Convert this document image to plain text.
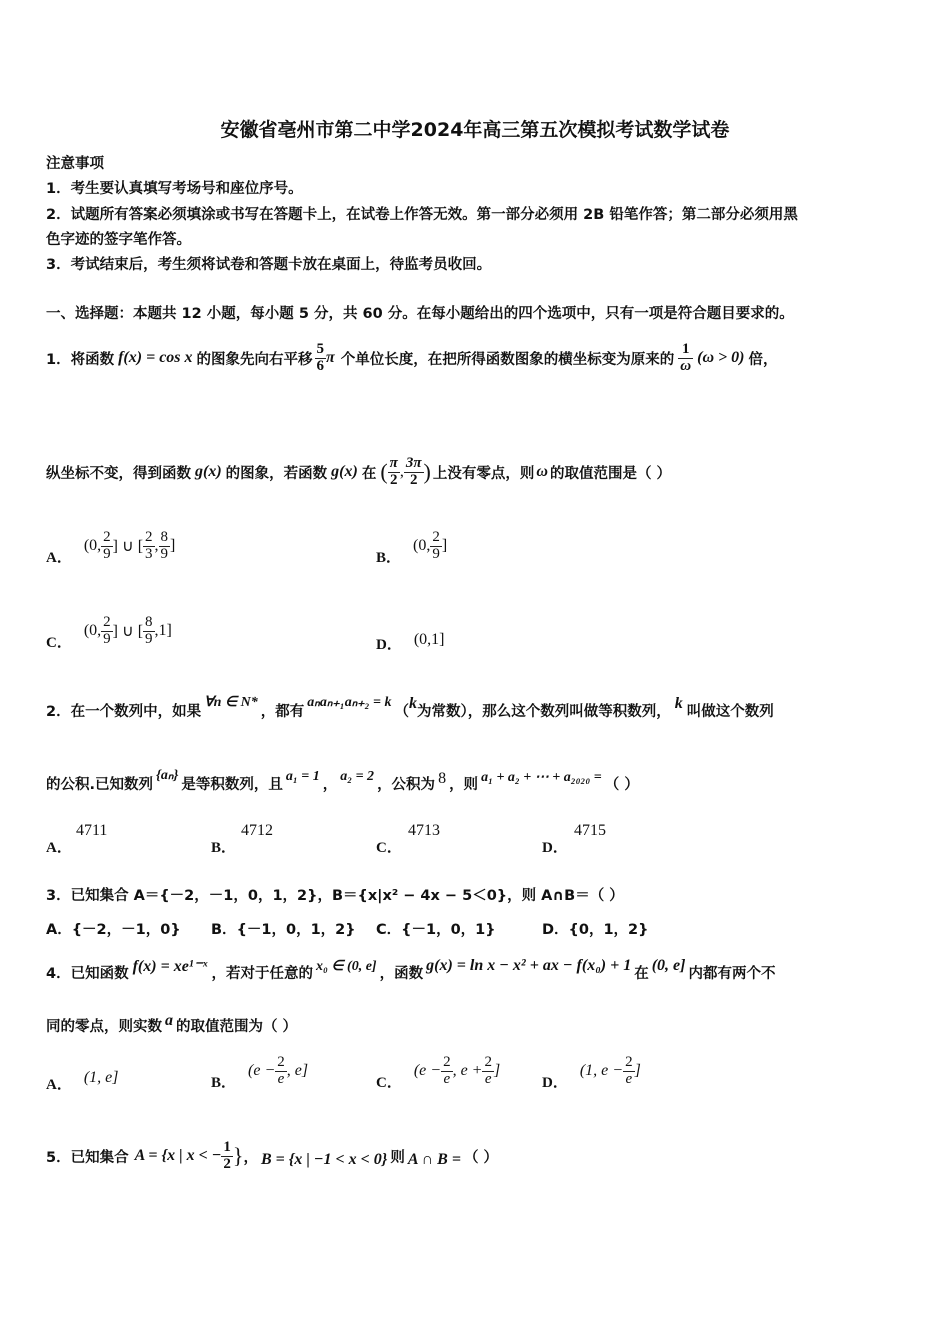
安徽省亳州市第二中学2024年高三第五次模拟考试数学试卷
注意事项
1．考生要认真填写考场号和座位序号。
2．试题所有答案必须填涂或书写在答题卡上，在试卷上作答无效。第一部分必须用 2B 铅笔作答；第二部分必须用黑
色字迹的签字笔作答。
3．考试结束后，考生须将试卷和答题卡放在桌面上，待监考员收回。
一、选择题：本题共 12 小题，每小题 5 分，共 60 分。在每小题给出的四个选项中，只有一项是符合题目要求的。
1．将函数 f(x) = cos x 的图象先向右平移 $\frac{5}{6}$ π 个单位长度，在把所得函数图象的横坐标变为原来的 $\frac{1}{\omega} (\omega > 0)$ 倍，
纵坐标不变，得到函数 g(x) 的图象，若函数 g(x) 在 ( $\frac{\pi}{2}$ , $\frac{3\pi}{2}$ ) 上没有零点，则 ω 的取值范围是（ ）
A．
(0, $\frac{2}{9}$ ] ∪ [ $\frac{2}{3}$ , $\frac{8}{9}$ ]
B．
(0, $\frac{2}{9}$ ]
C．
(0, $\frac{2}{9}$ ] ∪ [ $\frac{8}{9} ,1$]
D． (0,1]
2．在一个数列中，如果
∀n ∈ N*
，都有
aₙaₙ₊₁aₙ₊₂ = k
（ k 为常数），那么这个数列叫做等积数列， k 叫做这个数列
的公积.已知数列
{aₙ}
是等积数列，且 a₁ = 1 ， a₂ = 2 ，公积为 8 ，则 a₁ + a₂ + ⋯ + a₂₀₂₀ = （ ）
A．
4711
B．
4712
C．
4713
D．
4715
3．已知集合 A＝{－2，－1，0，1，2}，B＝{x|x² − 4x − 5＜0}，则 A∩B＝（ ）
A．{－2，－1，0} B．{－1，0，1，2} C．{－1，0，1}	D．{0，1，2}
4．已知函数 f(x) = xe¹⁻ˣ ，若对于任意的 x₀ ∈ (0, e] ，函数 g(x) = ln x − x² + ax − f(x₀) + 1 在 (0, e] 内都有两个不
同的零点，则实数 a 的取值范围为（ ）
A． (1, e]	B．
($e - \frac{2}{e}$ , e]
C．
($e - \frac{2}{e}$ , $e + \frac{2}{e}$ ]
D．
(1, $e - \frac{2}{e}$ ]
5．已知集合 A = {x | x < − $\frac{1}{2}$ } ， B = {x | −1 < x < 0} 则 A ∩ B = （ ）
